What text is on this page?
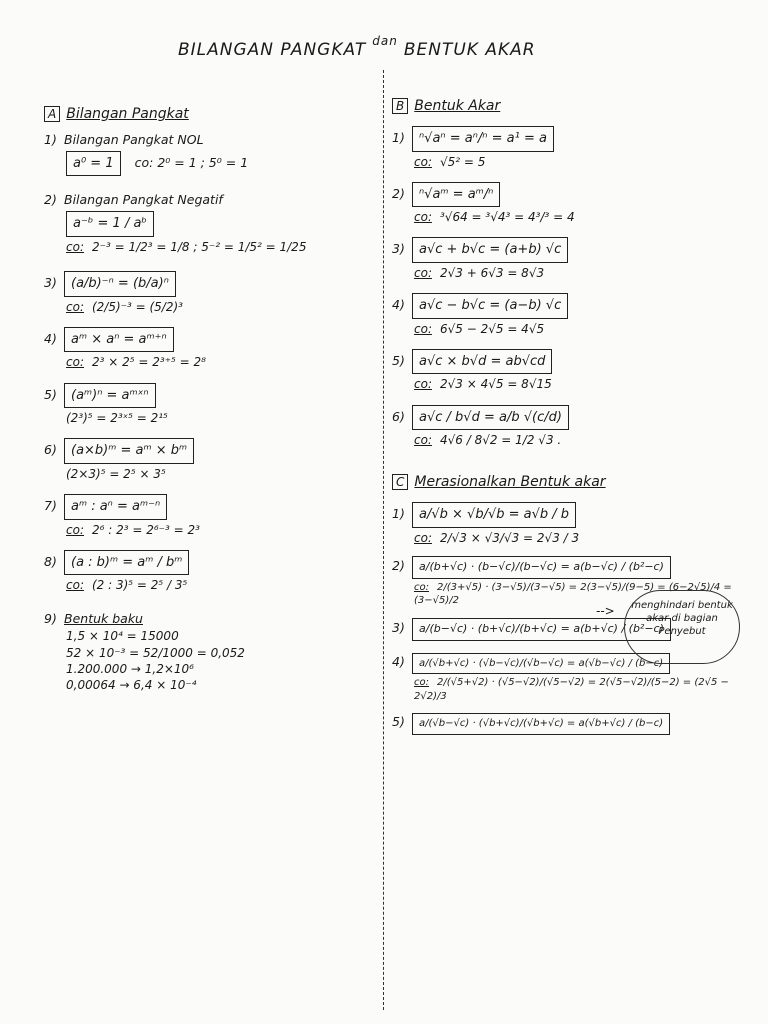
BILANGAN PANGKAT $^{dan}$ BENTUK AKAR
A Bilangan Pangkat
1) Bilangan Pangkat NOL
a⁰ = 1 co: 2⁰ = 1 ; 5⁰ = 1
2) Bilangan Pangkat Negatif
a⁻ᵇ = 1 / aᵇ
co: 2⁻³ = 1/2³ = 1/8 ; 5⁻² = 1/5² = 1/25
3) (a/b)⁻ⁿ = (b/a)ⁿ
co: (2/5)⁻³ = (5/2)³
4) aᵐ × aⁿ = aᵐ⁺ⁿ
co: 2³ × 2⁵ = 2³⁺⁵ = 2⁸
5) (aᵐ)ⁿ = aᵐˣⁿ
(2³)⁵ = 2³ˣ⁵ = 2¹⁵
6) (a×b)ᵐ = aᵐ × bᵐ
(2×3)⁵ = 2⁵ × 3⁵
7) aᵐ : aⁿ = aᵐ⁻ⁿ
co: 2⁶ : 2³ = 2⁶⁻³ = 2³
8) (a : b)ᵐ = aᵐ / bᵐ
co: (2 : 3)⁵ = 2⁵ / 3⁵
9) Bentuk baku
1,5 × 10⁴ = 15000
52 × 10⁻³ = 52/1000 = 0,052
1.200.000 → 1,2×10⁶
0,00064 → 6,4 × 10⁻⁴
B Bentuk Akar
1) ⁿ√aⁿ = aⁿ/ⁿ = a¹ = a
co: √5² = 5
2) ⁿ√aᵐ = aᵐ/ⁿ
co: ³√64 = ³√4³ = 4³/³ = 4
3) a√c + b√c = (a+b) √c
co: 2√3 + 6√3 = 8√3
4) a√c − b√c = (a−b) √c
co: 6√5 − 2√5 = 4√5
5) a√c × b√d = ab√cd
co: 2√3 × 4√5 = 8√15
6) a√c / b√d = a/b √(c/d)
co: 4√6 / 8√2 = 1/2 √3 .
C Merasionalkan Bentuk akar
1) a/√b × √b/√b = a√b / b
co: 2/√3 × √3/√3 = 2√3 / 3
2) a/(b+√c) · (b−√c)/(b−√c) = a(b−√c) / (b²−c)
co: 2/(3+√5) · (3−√5)/(3−√5) = 2(3−√5)/(9−5) = (6−2√5)/4 = (3−√5)/2
3) a/(b−√c) · (b+√c)/(b+√c) = a(b+√c) / (b²−c)
4) a/(√b+√c) · (√b−√c)/(√b−√c) = a(√b−√c) / (b−c)
co: 2/(√5+√2) · (√5−√2)/(√5−√2) = 2(√5−√2)/(5−2) = (2√5 − 2√2)/3
5) a/(√b−√c) · (√b+√c)/(√b+√c) = a(√b+√c) / (b−c)
-->	menghindari bentuk akar di bagian Penyebut
